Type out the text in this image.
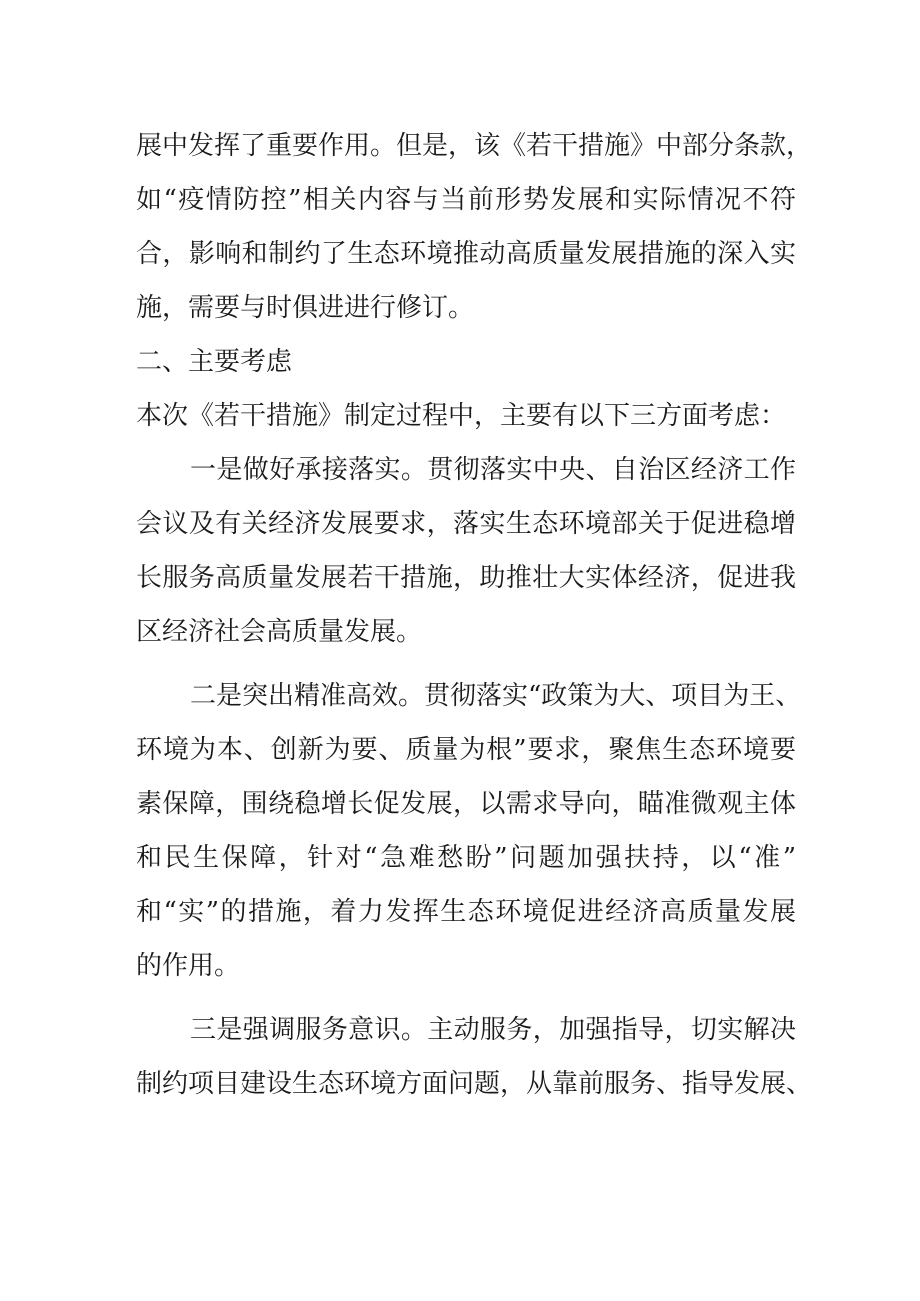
展中发挥了重要作用。但是，该《若干措施》中部分条款，
如“疫情防控”相关内容与当前形势发展和实际情况不符
合，影响和制约了生态环境推动高质量发展措施的深入实
施，需要与时俱进进行修订。
二、主要考虑
本次《若干措施》制定过程中，主要有以下三方面考虑：
一是做好承接落实。贯彻落实中央、自治区经济工作
会议及有关经济发展要求，落实生态环境部关于促进稳增
长服务高质量发展若干措施，助推壮大实体经济，促进我
区经济社会高质量发展。
二是突出精准高效。贯彻落实“政策为大、项目为王、
环境为本、创新为要、质量为根”要求，聚焦生态环境要
素保障，围绕稳增长促发展，以需求导向，瞄准微观主体
和民生保障，针对“急难愁盼”问题加强扶持，以“准”
和“实”的措施，着力发挥生态环境促进经济高质量发展
的作用。
三是强调服务意识。主动服务，加强指导，切实解决
制约项目建设生态环境方面问题，从靠前服务、指导发展、
